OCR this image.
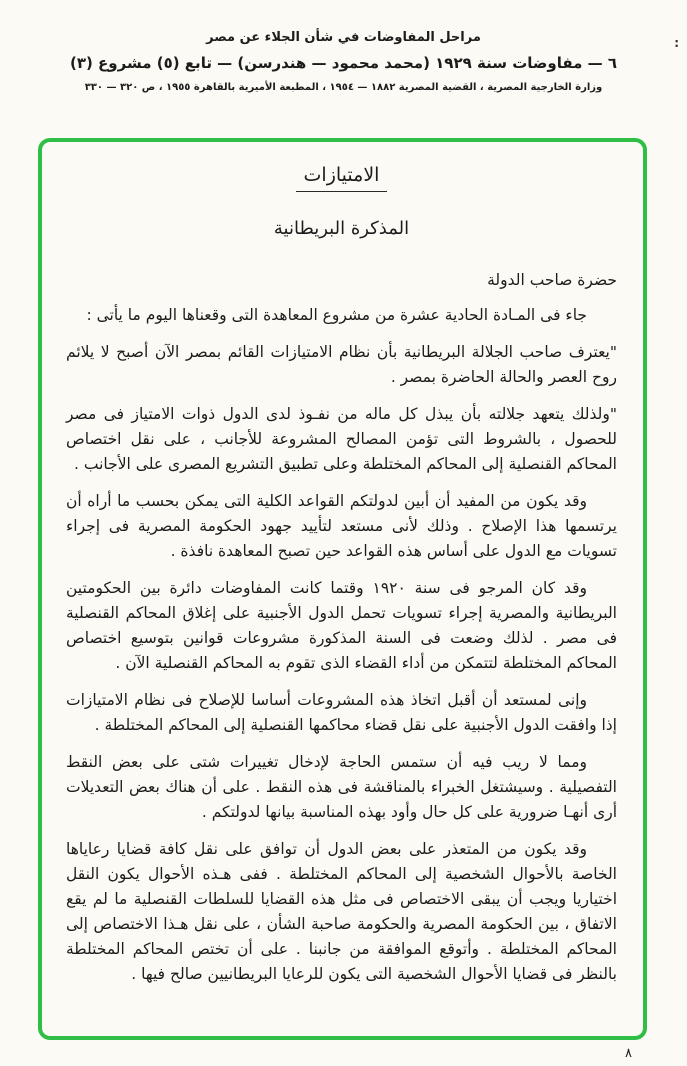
:
مراحل المفاوضات في شأن الجلاء عن مصر
٦ — مفاوضات سنة ١٩٢٩ (محمد محمود — هندرسن) — تابع (٥) مشروع (٣)
وزارة الخارجية المصرية ، القضية المصرية ١٨٨٢ — ١٩٥٤ ، المطبعة الأميرية بالقاهرة ١٩٥٥ ، ص ٣٢٠ — ٣٣٠
الامتيازات
المذكرة البريطانية

حضرة صاحب الدولة

جاء فى المـادة الحادية عشرة من مشروع المعاهدة التى وقعناها اليوم ما يأتى :

"يعترف صاحب الجلالة البريطانية بأن نظام الامتيازات القائم بمصر الآن أصبح لا يلائم روح العصر والحالة الحاضرة بمصر .

"ولذلك يتعهد جلالته بأن يبذل كل ماله من نفـوذ لدى الدول ذوات الامتياز فى مصر للحصول ، بالشروط التى تؤمن المصالح المشروعة للأجانب ، على نقل اختصاص المحاكم القنصلية إلى المحاكم المختلطة وعلى تطبيق التشريع المصرى على الأجانب .

وقد يكون من المفيد أن أبين لدولتكم القواعد الكلية التى يمكن بحسب ما أراه أن يرتسمها هذا الإصلاح . وذلك لأنى مستعد لتأييد جهود الحكومة المصرية فى إجراء تسويات مع الدول على أساس هذه القواعد حين تصبح المعاهدة نافذة .

وقد كان المرجو فى سنة ١٩٢٠ وقتما كانت المفاوضات دائرة بين الحكومتين البريطانية والمصرية إجراء تسويات تحمل الدول الأجنبية على إغلاق المحاكم القنصلية فى مصر . لذلك وضعت فى السنة المذكورة مشروعات قوانين بتوسيع اختصاص المحاكم المختلطة لتتمكن من أداء القضاء الذى تقوم به المحاكم القنصلية الآن .

وإنى لمستعد أن أقبل اتخاذ هذه المشروعات أساسا للإصلاح فى نظام الامتيازات إذا وافقت الدول الأجنبية على نقل قضاء محاكمها القنصلية إلى المحاكم المختلطة .

ومما لا ريب فيه أن ستمس الحاجة لإدخال تغييرات شتى على بعض النقط التفصيلية . وسيشتغل الخبراء بالمناقشة فى هذه النقط . على أن هناك بعض التعديلات أرى أنهـا ضرورية على كل حال وأود بهذه المناسبة بيانها لدولتكم .

وقد يكون من المتعذر على بعض الدول أن توافق على نقل كافة قضايا رعاياها الخاصة بالأحوال الشخصية إلى المحاكم المختلطة . ففى هـذه الأحوال يكون النقل اختياريا ويجب أن يبقى الاختصاص فى مثل هذه القضايا للسلطات القنصلية ما لم يقع الاتفاق ، بين الحكومة المصرية والحكومة صاحبة الشأن ، على نقل هـذا الاختصاص إلى المحاكم المختلطة . وأتوقع الموافقة من جانبنا . على أن تختص المحاكم المختلطة بالنظر فى قضايا الأحوال الشخصية التى يكون للرعايا البريطانيين صالح فيها .

٨
